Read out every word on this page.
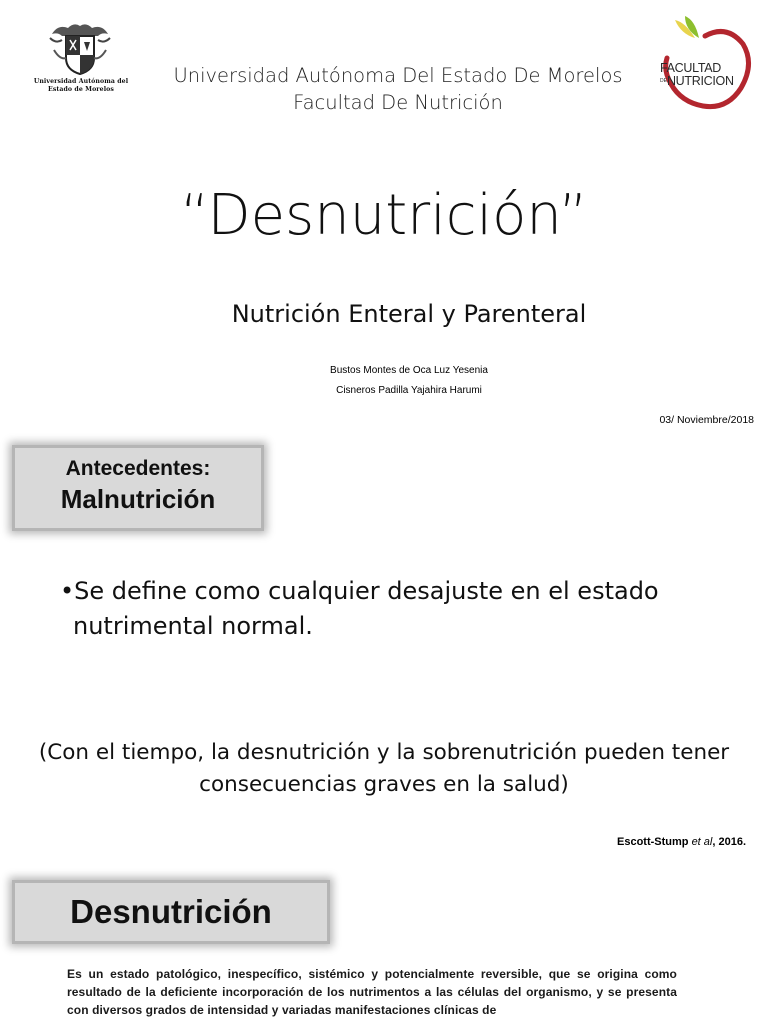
Universidad Autónoma del
Estado de Morelos
Universidad Autónoma Del Estado De Morelos
Facultad De Nutrición
FACULTAD
DENUTRICION
“Desnutrición”
Nutrición Enteral y Parenteral
Bustos Montes de Oca Luz Yesenia
Cisneros Padilla Yajahira Harumi
03/ Noviembre/2018
Antecedentes:
Malnutrición
•Se define como cualquier desajuste en el estado nutrimental normal.
(Con el tiempo, la desnutrición y la sobrenutrición pueden tener consecuencias graves en la salud)
Escott-Stump et al, 2016.
Desnutrición
Es un estado patológico, inespecífico, sistémico y potencialmente reversible, que se origina como resultado de la deficiente incorporación de los nutrimentos a las células del organismo, y se presenta con diversos grados de intensidad y variadas manifestaciones clínicas de
